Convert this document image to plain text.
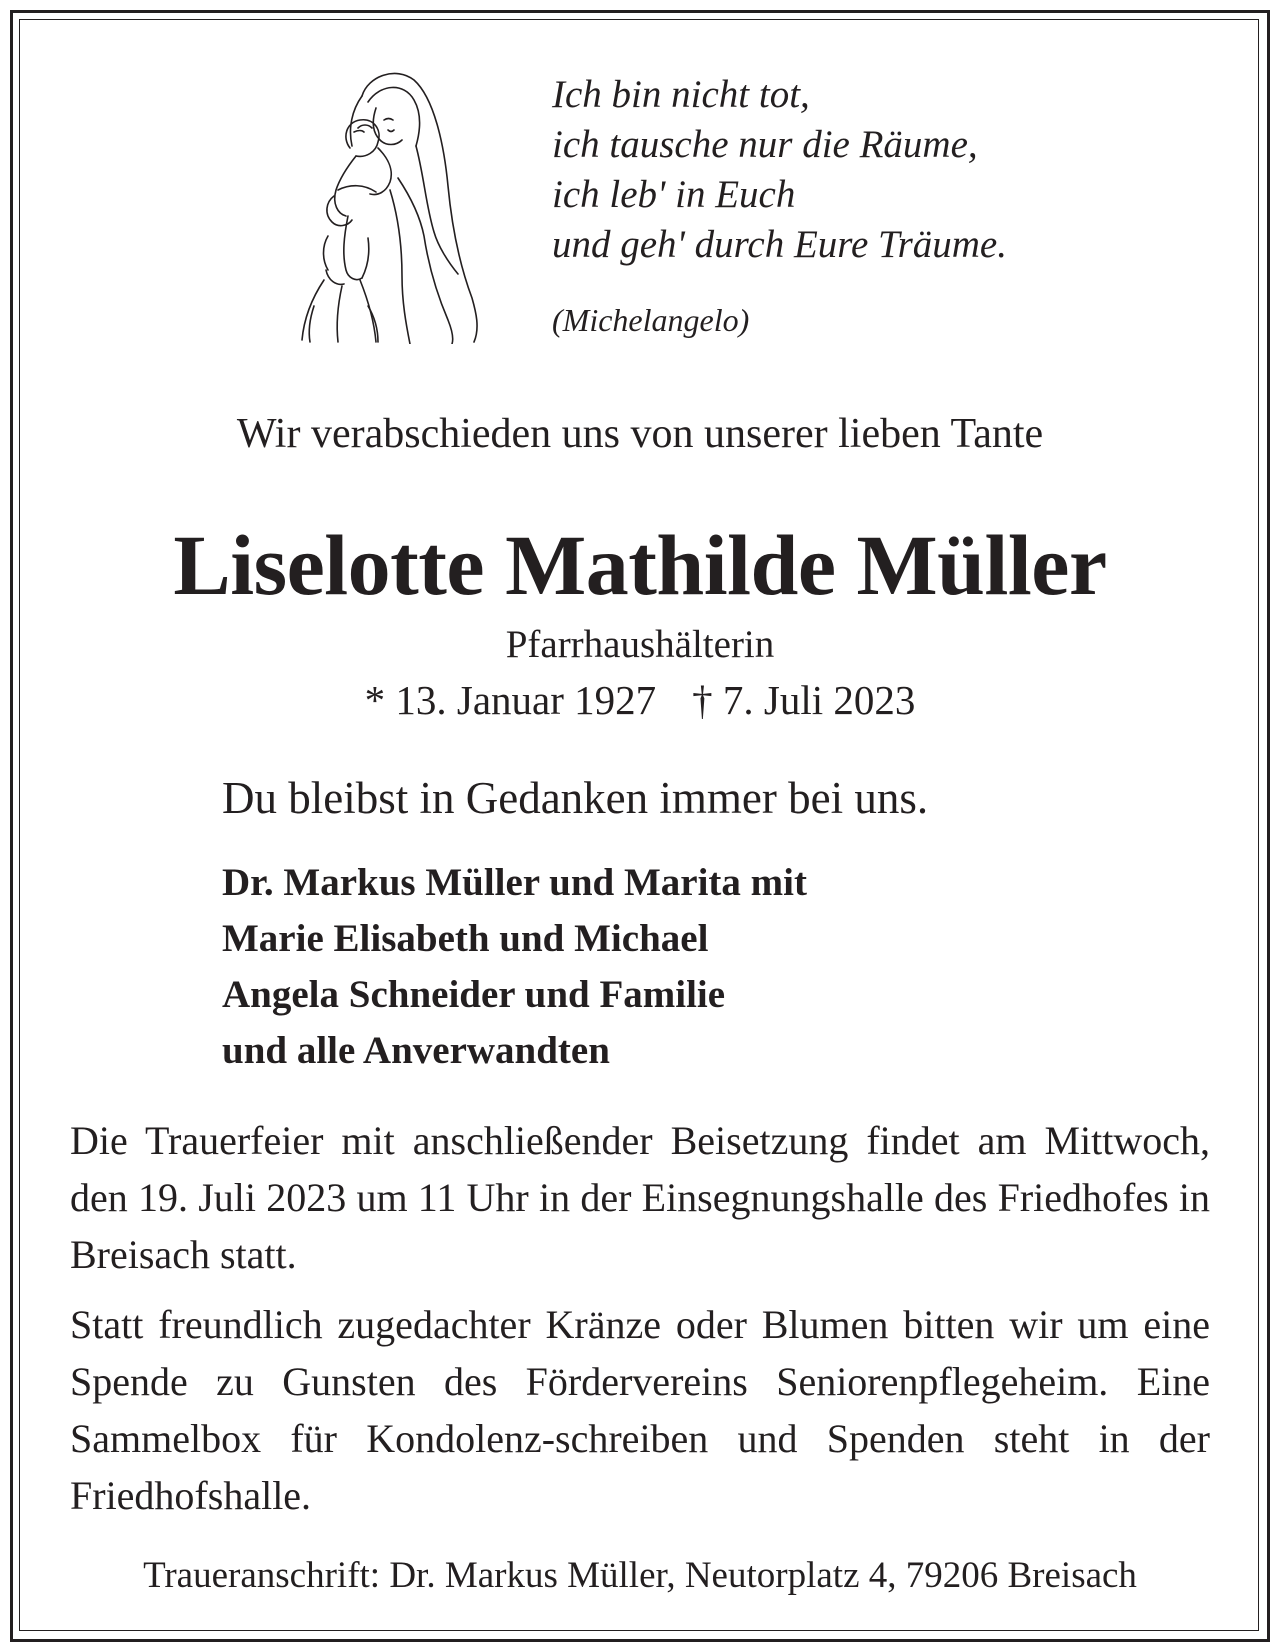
Ich bin nicht tot,
ich tausche nur die Räume,
ich leb' in Euch
und geh' durch Eure Träume.
(Michelangelo)
Wir verabschieden uns von unserer lieben Tante
Liselotte Mathilde Müller
Pfarrhaushälterin
* 13. Januar 1927 † 7. Juli 2023
Du bleibst in Gedanken immer bei uns.
Dr. Markus Müller und Marita mit
Marie Elisabeth und Michael
Angela Schneider und Familie
und alle Anverwandten

Die Trauerfeier mit anschließender Beisetzung findet am Mittwoch, den 19. Juli 2023 um 11 Uhr in der Einsegnungshalle des Friedhofes in Breisach statt.

Statt freundlich zugedachter Kränze oder Blumen bitten wir um eine Spende zu Gunsten des Fördervereins Seniorenpflegeheim. Eine Sammelbox für Kondolenz-schreiben und Spenden steht in der Friedhofshalle.

Traueranschrift: Dr. Markus Müller, Neutorplatz 4, 79206 Breisach
